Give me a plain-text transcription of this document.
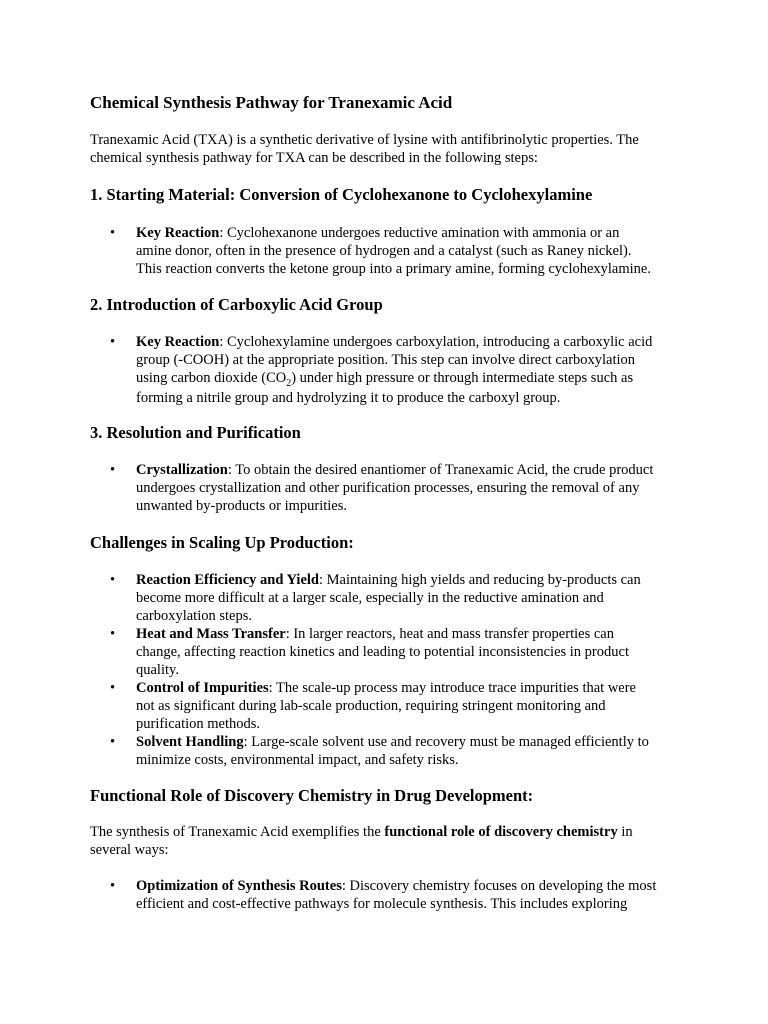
Chemical Synthesis Pathway for Tranexamic Acid

Tranexamic Acid (TXA) is a synthetic derivative of lysine with antifibrinolytic properties. The
chemical synthesis pathway for TXA can be described in the following steps:

1. Starting Material: Conversion of Cyclohexanone to Cyclohexylamine
• Key Reaction: Cyclohexanone undergoes reductive amination with ammonia or an
amine donor, often in the presence of hydrogen and a catalyst (such as Raney nickel).
This reaction converts the ketone group into a primary amine, forming cyclohexylamine.
2. Introduction of Carboxylic Acid Group
• Key Reaction: Cyclohexylamine undergoes carboxylation, introducing a carboxylic acid
group (-COOH) at the appropriate position. This step can involve direct carboxylation
using carbon dioxide $(CO_2)$ under high pressure or through intermediate steps such as
forming a nitrile group and hydrolyzing it to produce the carboxyl group.
3. Resolution and Purification
• Crystallization: To obtain the desired enantiomer of Tranexamic Acid, the crude product
undergoes crystallization and other purification processes, ensuring the removal of any
unwanted by-products or impurities.
Challenges in Scaling Up Production:
• Reaction Efficiency and Yield: Maintaining high yields and reducing by-products can
become more difficult at a larger scale, especially in the reductive amination and
carboxylation steps.
• Heat and Mass Transfer: In larger reactors, heat and mass transfer properties can
change, affecting reaction kinetics and leading to potential inconsistencies in product
quality.
• Control of Impurities: The scale-up process may introduce trace impurities that were
not as significant during lab-scale production, requiring stringent monitoring and
purification methods.
• Solvent Handling: Large-scale solvent use and recovery must be managed efficiently to
minimize costs, environmental impact, and safety risks.
Functional Role of Discovery Chemistry in Drug Development:

The synthesis of Tranexamic Acid exemplifies the functional role of discovery chemistry in
several ways:

• Optimization of Synthesis Routes: Discovery chemistry focuses on developing the most
efficient and cost-effective pathways for molecule synthesis. This includes exploring
